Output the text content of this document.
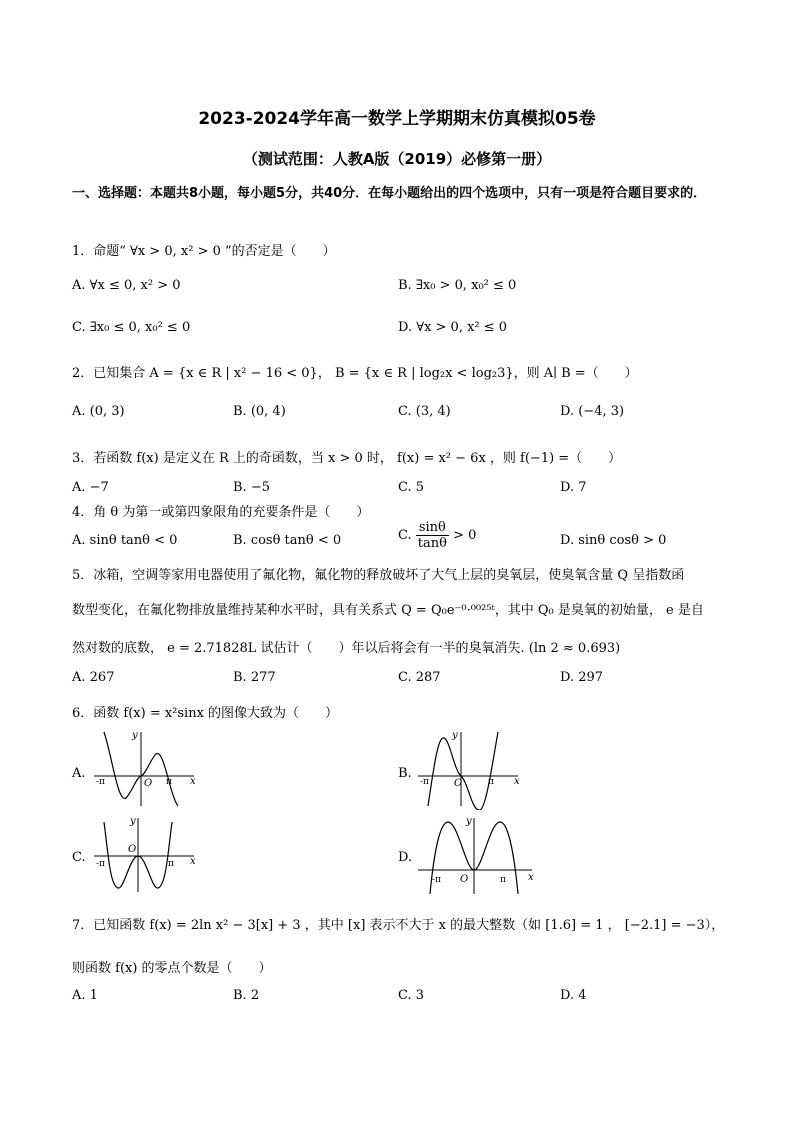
2023-2024学年高一数学上学期期末仿真模拟05卷
（测试范围：人教A版（2019）必修第一册）
一、选择题：本题共8小题，每小题5分，共40分．在每小题给出的四个选项中，只有一项是符合题目要求的．
1．命题“ ∀x > 0, x² > 0 ”的否定是（　　）
A. ∀x ≤ 0, x² > 0	B. ∃x₀ > 0, x₀² ≤ 0
C. ∃x₀ ≤ 0, x₀² ≤ 0	D. ∀x > 0, x² ≤ 0
2．已知集合 A = {x ∈ R | x² − 16 < 0}， B = {x ∈ R | log₂x < log₂3}，则 A∣ B =（　　）
A. (0, 3)	B. (0, 4)	C. (3, 4)	D. (−4, 3)
3．若函数 f(x) 是定义在 R 上的奇函数，当 x > 0 时， f(x) = x² − 6x ，则 f(−1) =（　　）
A. −7	B. −5	C. 5	D. 7
4．角 θ 为第一或第四象限角的充要条件是（　　）
A. sinθ tanθ < 0	B. cosθ tanθ < 0	C. $\frac{\sin\theta}{\tan\theta} > 0$	D. sinθ cosθ > 0
5．冰箱，空调等家用电器使用了氟化物，氟化物的释放破坏了大气上层的臭氧层，使臭氧含量 Q 呈指数函
数型变化，在氟化物排放量维持某种水平时，具有关系式 Q = Q₀e⁻⁰·⁰⁰²⁵ᵗ，其中 Q₀ 是臭氧的初始量， e 是自
然对数的底数， e = 2.71828L 试估计（　　）年以后将会有一半的臭氧消失. (ln 2 ≈ 0.693)
A. 267	B. 277	C. 287	D. 297
6．函数 f(x) = x²sinx 的图像大致为（　　）
A.
y
x
O
-π	π
B.
y
x
O
-π	π
C.
y
x
O
-π	π	D.
y
x
O
-π	π
7．已知函数 f(x) = 2ln x² − 3[x] + 3 ，其中 [x] 表示不大于 x 的最大整数（如 [1.6] = 1 ， [−2.1] = −3），
则函数 f(x) 的零点个数是（　　）
A. 1	B. 2	C. 3	D. 4
